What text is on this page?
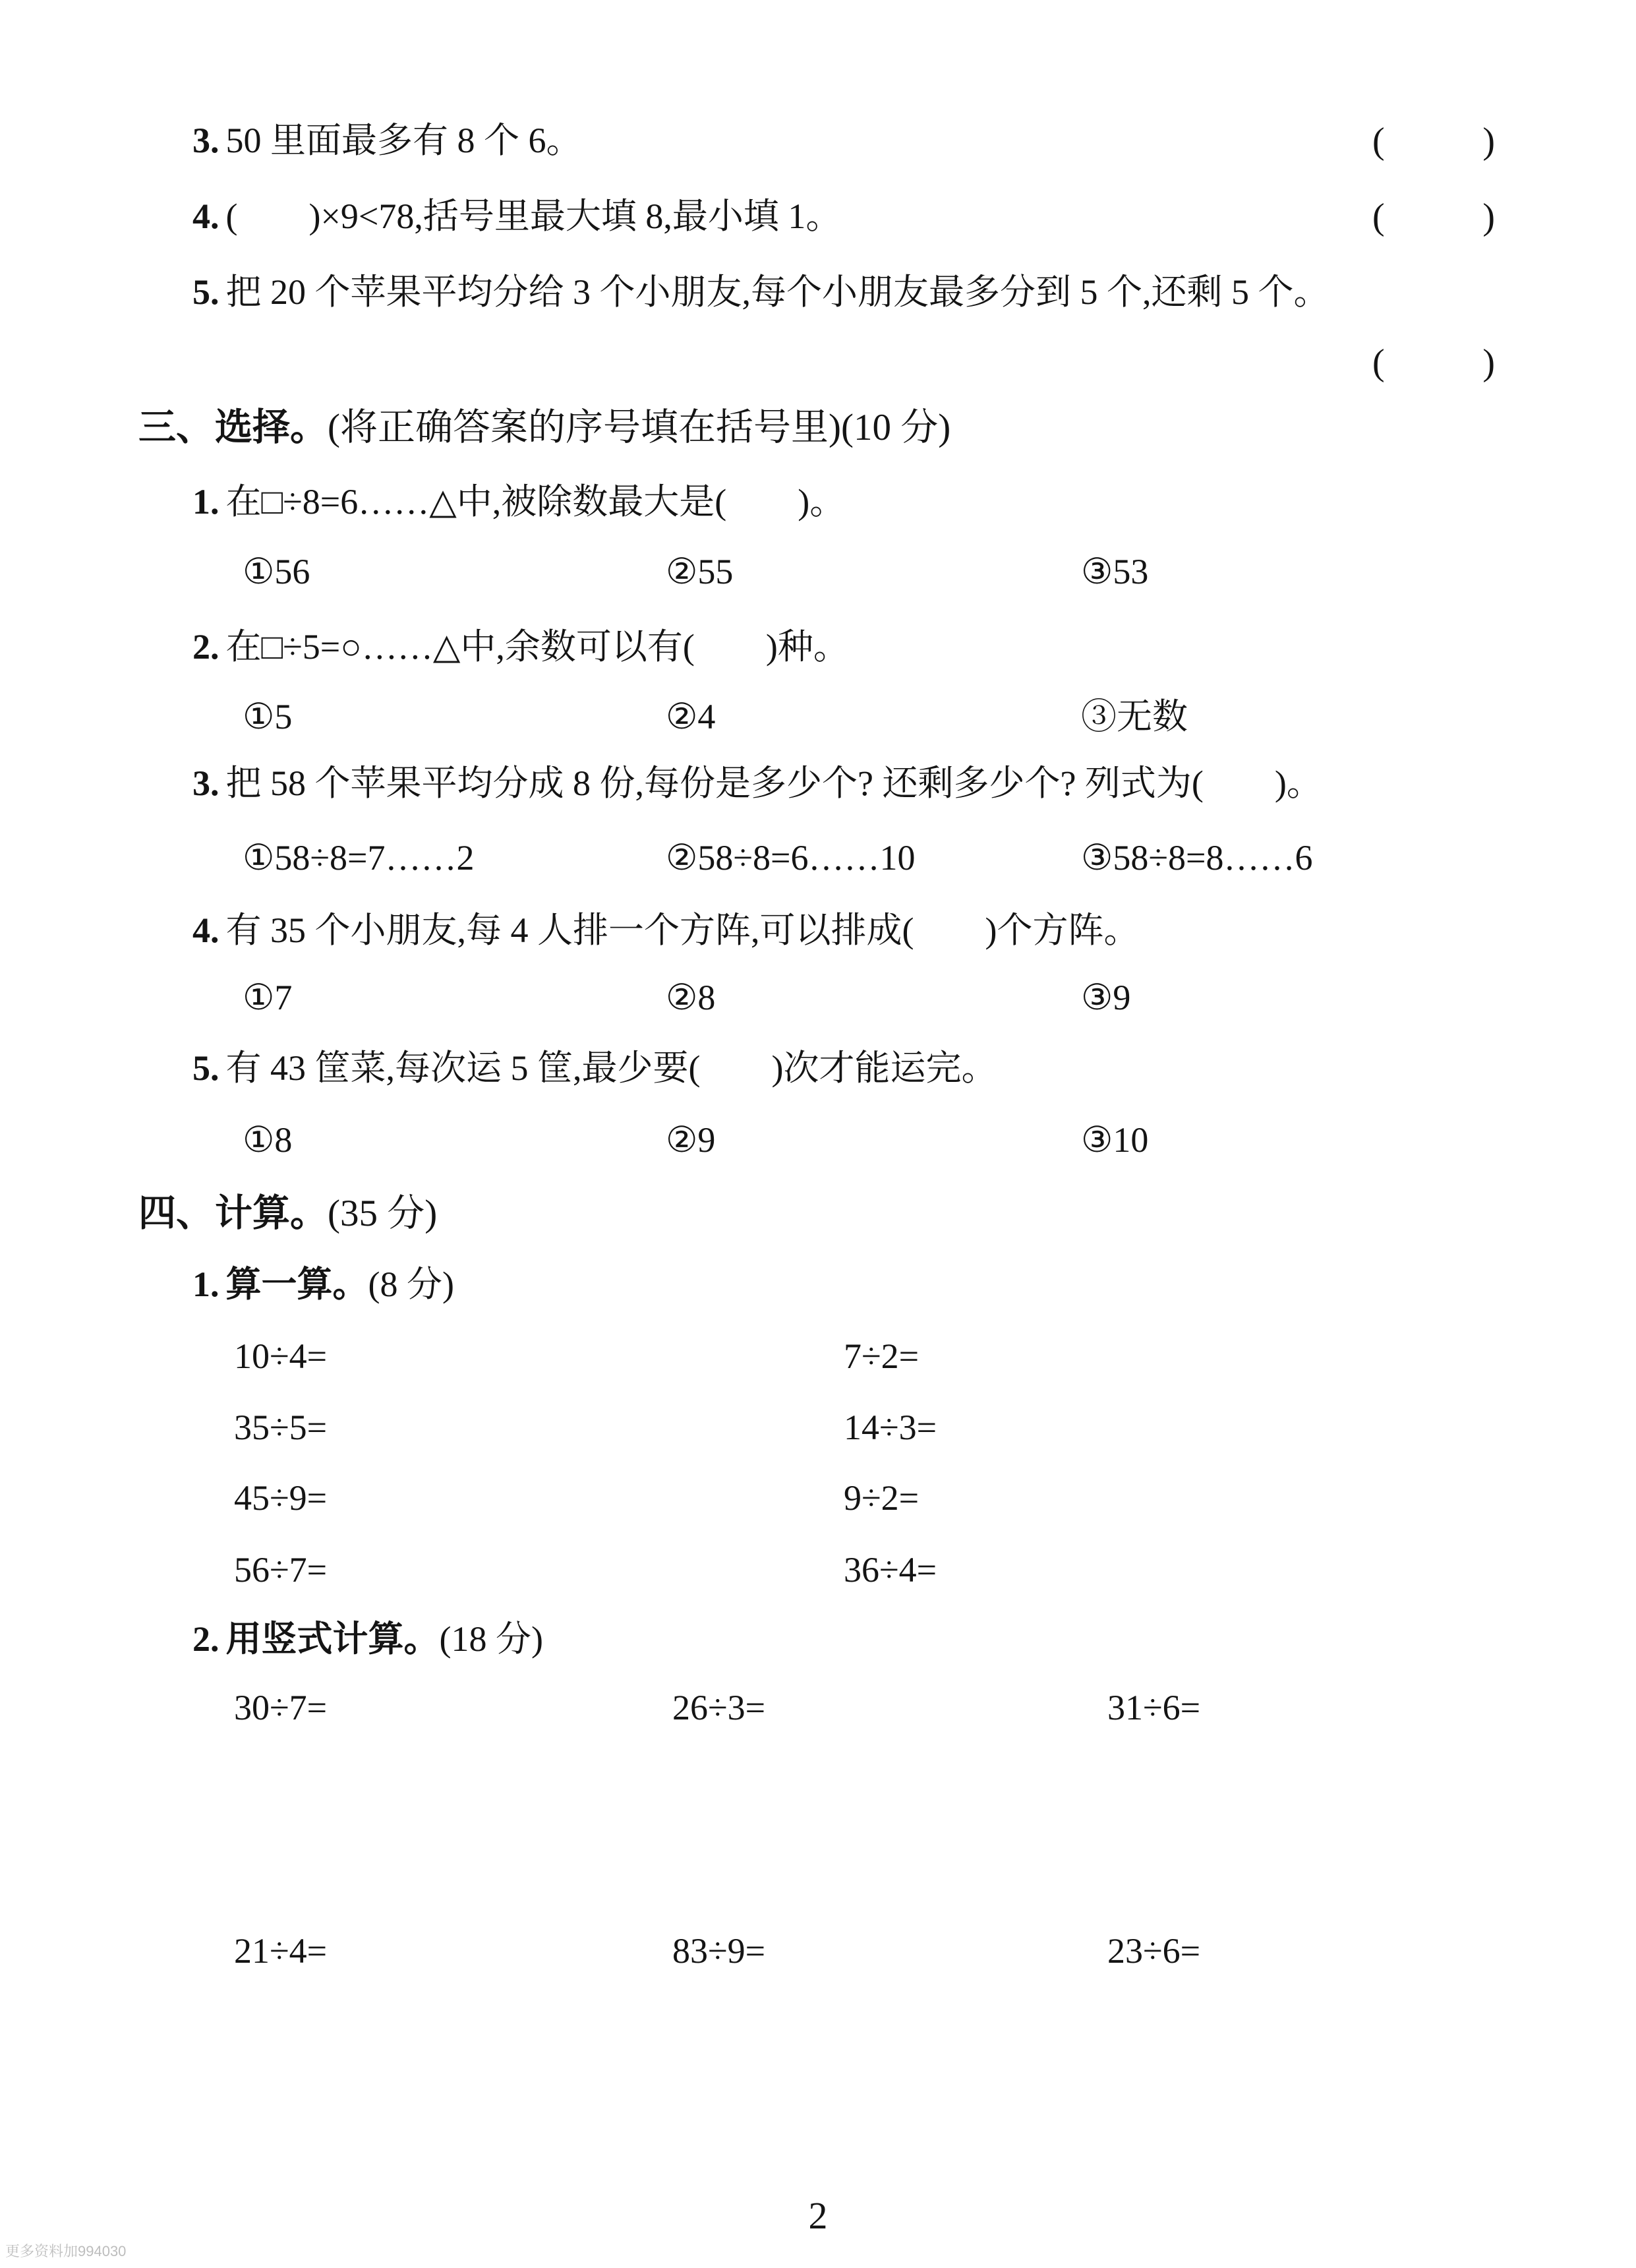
3. 50 里面最多有 8 个 6。	(	)
4. (　　)×9<78,括号里最大填 8,最小填 1。	(	)
5. 把 20 个苹果平均分给 3 个小朋友,每个小朋友最多分到 5 个,还剩 5 个。
(	)
三、选择。(将正确答案的序号填在括号里)(10 分)
1. 在□÷8=6……△中,被除数最大是(　　)。
①56	②55	③53
2. 在□÷5=○……△中,余数可以有(　　)种。
①5	②4	③无数
3. 把 58 个苹果平均分成 8 份,每份是多少个? 还剩多少个? 列式为(　　)。
①58÷8=7……2	②58÷8=6……10	③58÷8=8……6
4. 有 35 个小朋友,每 4 人排一个方阵,可以排成(　　)个方阵。
①7	②8	③9
5. 有 43 筐菜,每次运 5 筐,最少要(　　)次才能运完。
①8	②9	③10
四、计算。(35 分)
1. 算一算。(8 分)
10÷4=	7÷2=
35÷5=	14÷3=
45÷9=	9÷2=
56÷7=	36÷4=
2. 用竖式计算。(18 分)
30÷7=	26÷3=	31÷6=
21÷4=	83÷9=	23÷6=
2
更多资料加994030
